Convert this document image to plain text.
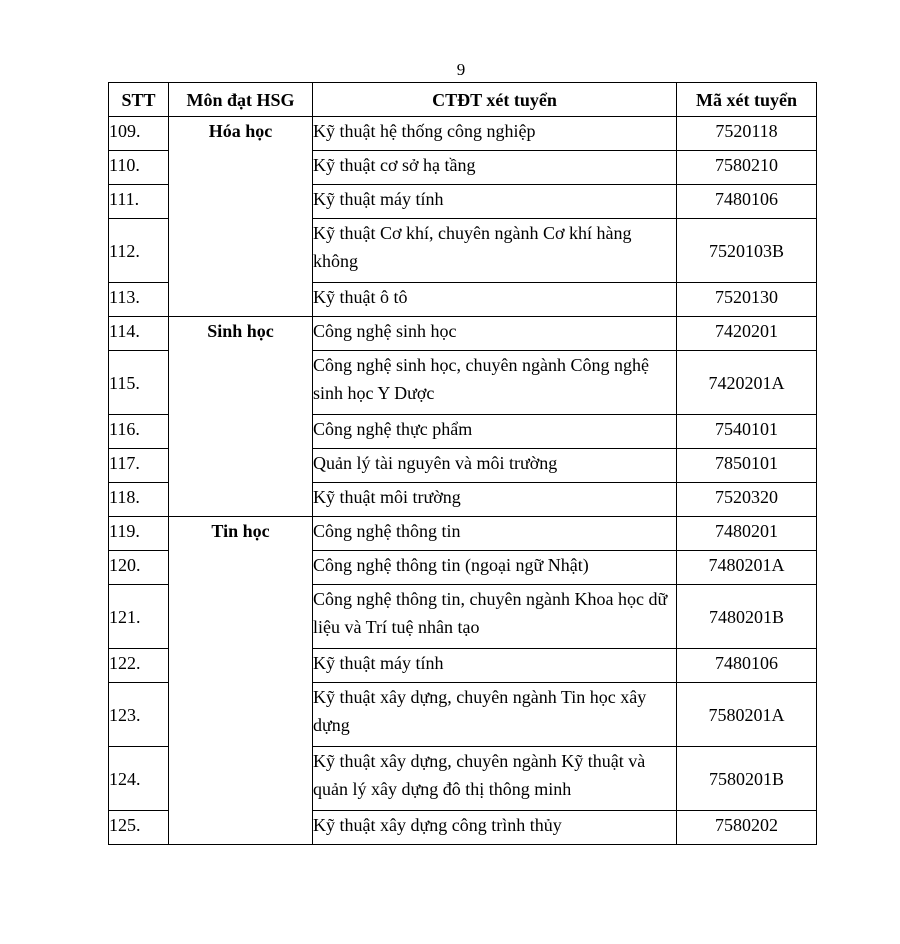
9
STT	Môn đạt HSG	CTĐT xét tuyển	Mã xét tuyển
109.	Hóa học	Kỹ thuật hệ thống công nghiệp	7520118
110.		Kỹ thuật cơ sở hạ tầng	7580210
111.		Kỹ thuật máy tính	7480106
112.		Kỹ thuật Cơ khí, chuyên ngành Cơ khí hàng không	7520103B
113.		Kỹ thuật ô tô	7520130
114.	Sinh học	Công nghệ sinh học	7420201
115.		Công nghệ sinh học, chuyên ngành Công nghệ sinh học Y Dược	7420201A
116.		Công nghệ thực phẩm	7540101
117.		Quản lý tài nguyên và môi trường	7850101
118.		Kỹ thuật môi trường	7520320
119.	Tin học	Công nghệ thông tin	7480201
120.		Công nghệ thông tin (ngoại ngữ Nhật)	7480201A
121.		Công nghệ thông tin, chuyên ngành Khoa học dữ liệu và Trí tuệ nhân tạo	7480201B
122.		Kỹ thuật máy tính	7480106
123.		Kỹ thuật xây dựng, chuyên ngành Tin học xây dựng	7580201A
124.		Kỹ thuật xây dựng, chuyên ngành Kỹ thuật và quản lý xây dựng đô thị thông minh	7580201B
125.		Kỹ thuật xây dựng công trình thủy	7580202
